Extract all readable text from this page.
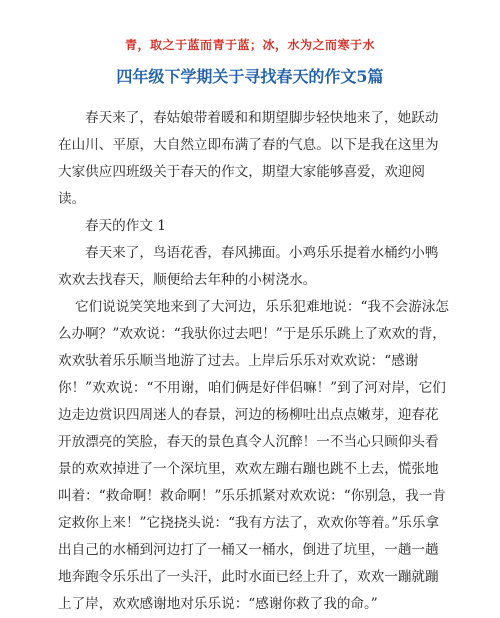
青，取之于蓝而青于蓝；冰，水为之而寒于水
四年级下学期关于寻找春天的作文5篇

春天来了，春姑娘带着暖和和期望脚步轻快地来了，她跃动在山川、平原，大自然立即布满了春的气息。以下是我在这里为大家供应四班级关于春天的作文，期望大家能够喜爱，欢迎阅读。

春天的作文 1

春天来了，鸟语花香，春风拂面。小鸡乐乐提着水桶约小鸭欢欢去找春天，顺便给去年种的小树浇水。

它们说说笑笑地来到了大河边，乐乐犯难地说：“我不会游泳怎么办啊？”欢欢说：“我驮你过去吧！”于是乐乐跳上了欢欢的背，欢欢驮着乐乐顺当地游了过去。上岸后乐乐对欢欢说：“感谢你！”欢欢说：“不用谢，咱们俩是好伴侣嘛！”到了河对岸，它们边走边赏识四周迷人的春景，河边的杨柳吐出点点嫩芽，迎春花开放漂亮的笑脸，春天的景色真令人沉醉！一不当心只顾仰头看景的欢欢掉进了一个深坑里，欢欢左蹦右蹦也跳不上去，慌张地叫着：“救命啊！救命啊！”乐乐抓紧对欢欢说：“你别急，我一肯定救你上来！”它挠挠头说：“我有方法了，欢欢你等着。”乐乐拿出自己的水桶到河边打了一桶又一桶水，倒进了坑里，一趟一趟地奔跑令乐乐出了一头汗，此时水面已经上升了，欢欢一蹦就蹦上了岸，欢欢感谢地对乐乐说：“感谢你救了我的命。”
